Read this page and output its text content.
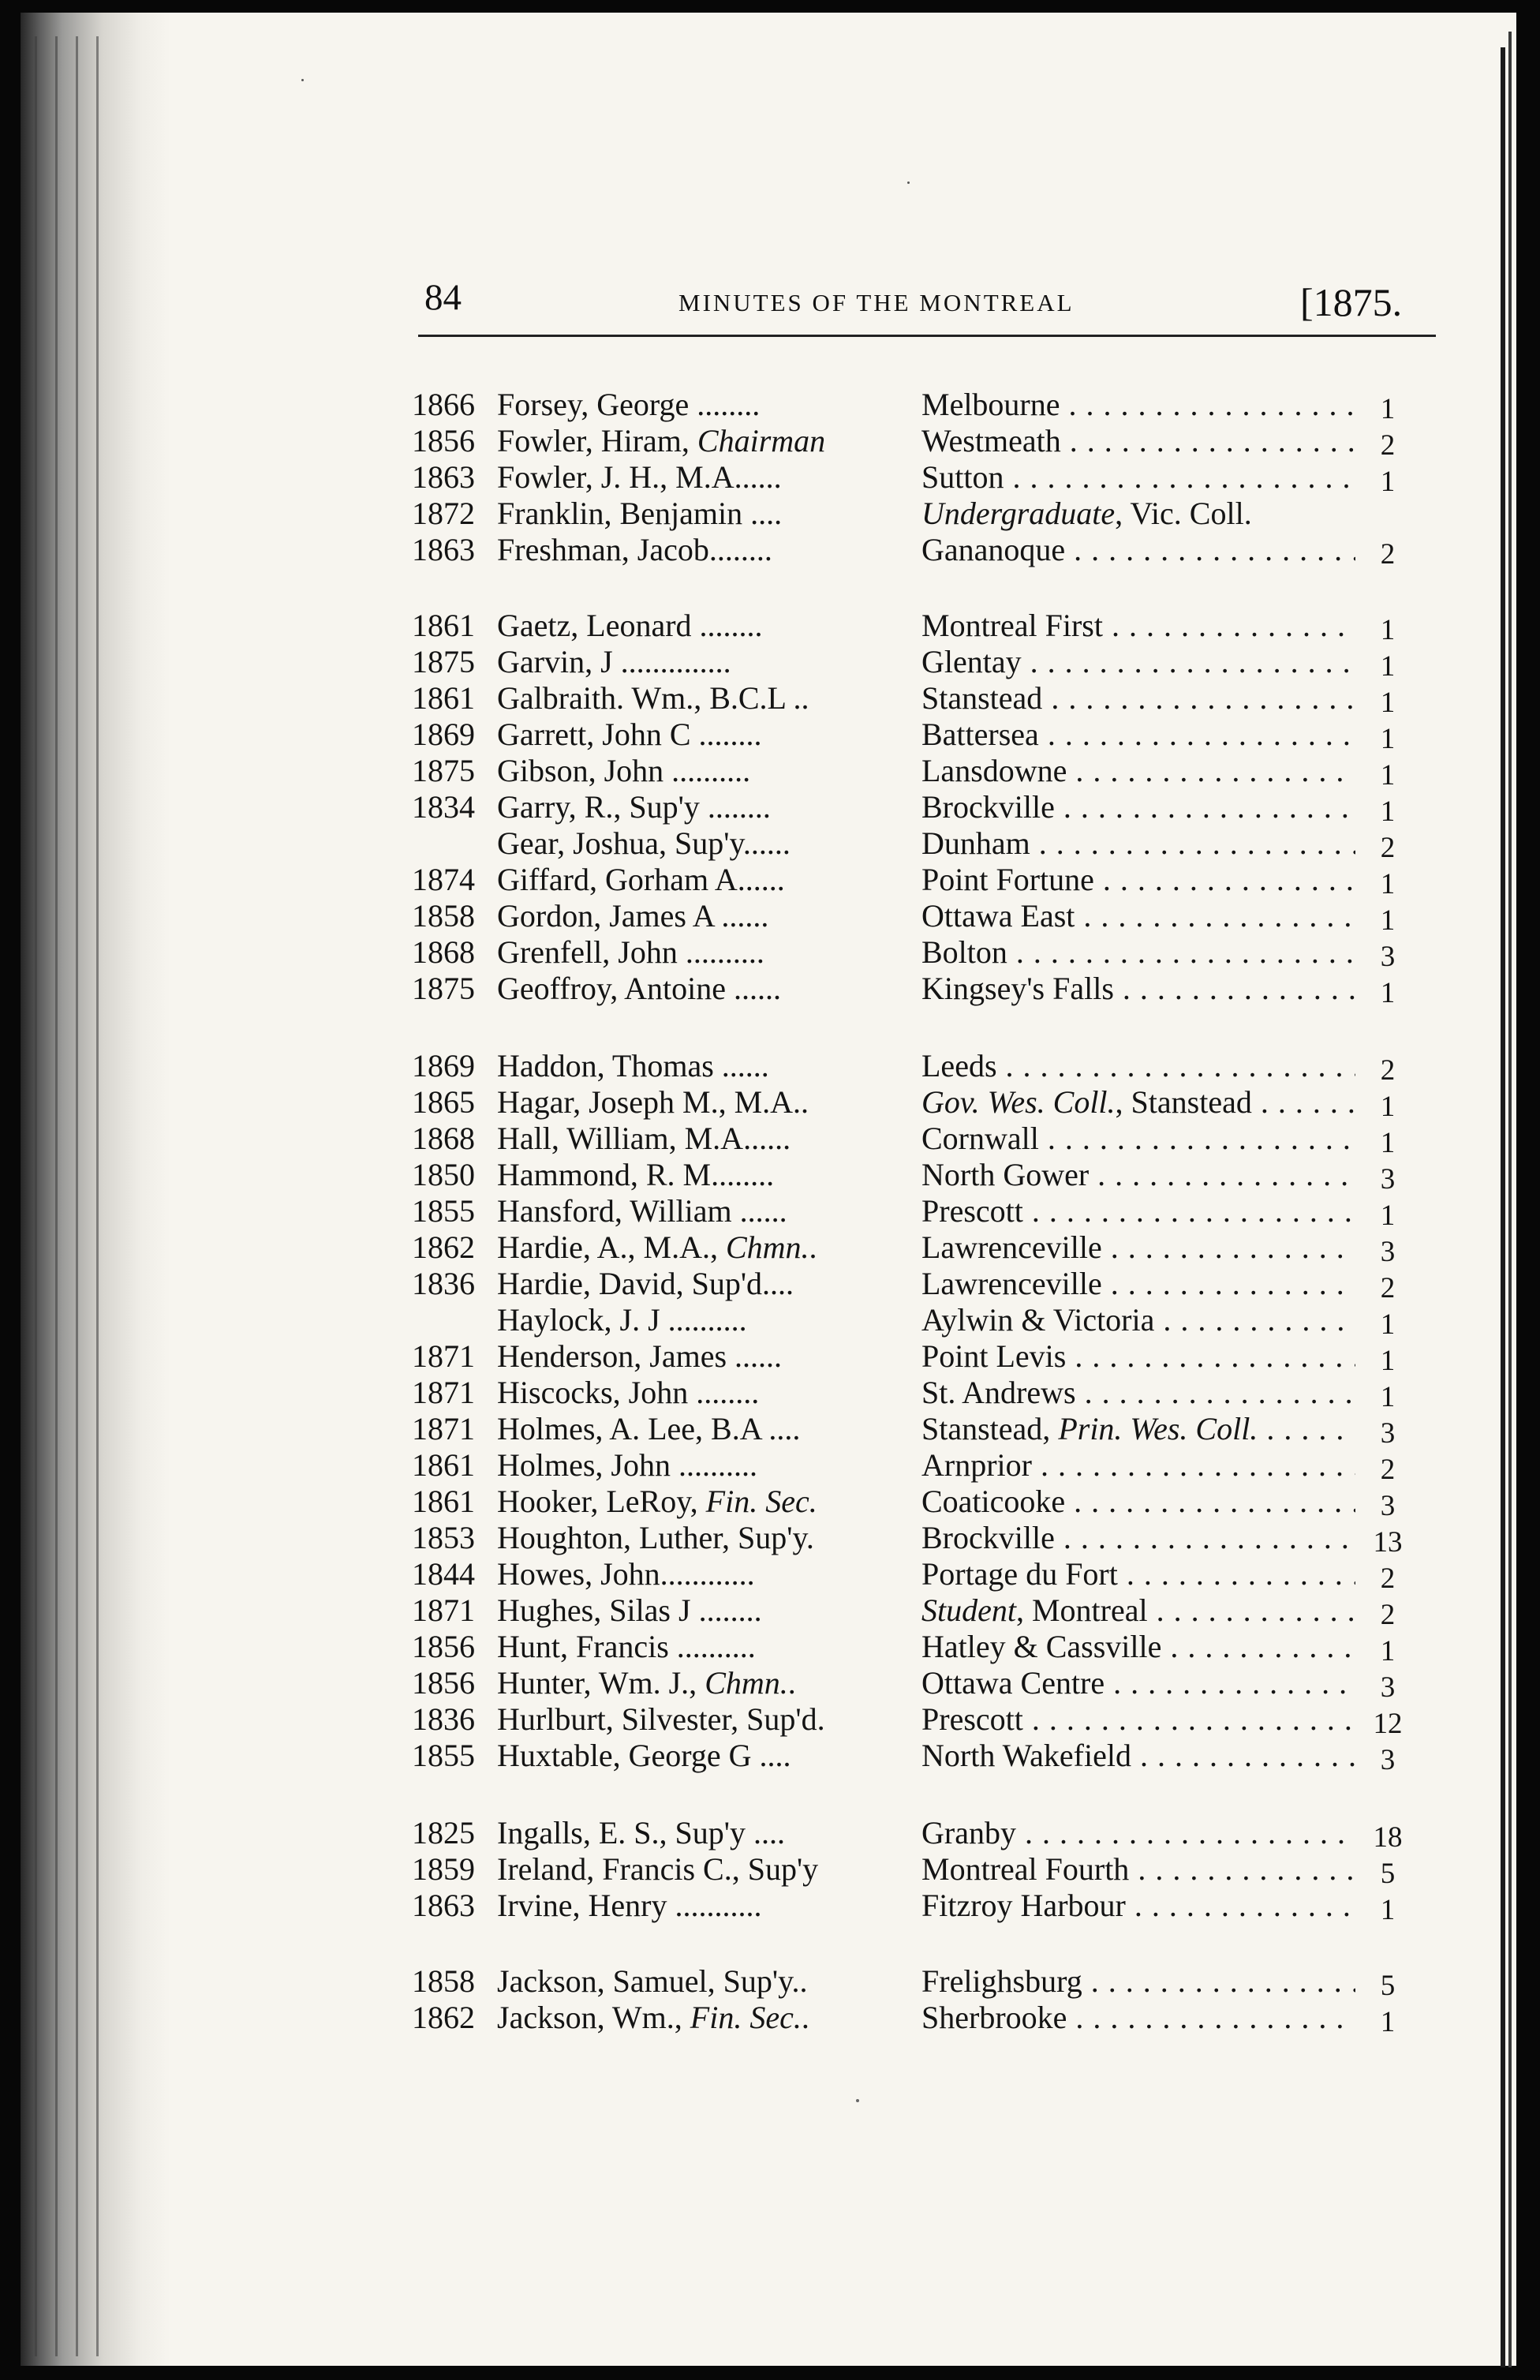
84	MINUTES OF THE MONTREAL	[1875.
1866 Forsey, George ........	Melbourne . . .	1
1856 Fowler, Hiram, Chairman	Westmeath . . .	2
1863 Fowler, J. H., M.A......	Sutton . . .	1
1872 Franklin, Benjamin ....	Undergraduate, Vic. Coll.
1863 Freshman, Jacob........	Gananoque . . .	2
1861 Gaetz, Leonard ........	Montreal First . . .	1
1875 Garvin, J ..............	Glentay . . .	1
1861 Galbraith. Wm., B.C.L ..	Stanstead . . .	1
1869 Garrett, John C ........	Battersea . . .	1
1875 Gibson, John ..........	Lansdowne . . .	1
1834 Garry, R., Sup'y ........	Brockville . . .	1
Gear, Joshua, Sup'y......	Dunham . . .	2
1874 Giffard, Gorham A......	Point Fortune . . .	1
1858 Gordon, James A ......	Ottawa East . . .	1
1868 Grenfell, John ..........	Bolton . . .	3
1875 Geoffroy, Antoine ......	Kingsey's Falls . . .	1
1869 Haddon, Thomas ......	Leeds . . .	2
1865 Hagar, Joseph M., M.A..	Gov. Wes. Coll., Stanstead . . .	1
1868 Hall, William, M.A......	Cornwall . . .	1
1850 Hammond, R. M........	North Gower . . .	3
1855 Hansford, William ......	Prescott . . .	1
1862 Hardie, A., M.A., Chmn..	Lawrenceville . . .	3
1836 Hardie, David, Sup'd....	Lawrenceville . . .	2
Haylock, J. J ..........	Aylwin & Victoria . . .	1
1871 Henderson, James ......	Point Levis . . .	1
1871 Hiscocks, John ........	St. Andrews . . .	1
1871 Holmes, A. Lee, B.A ....	Stanstead, Prin. Wes. Coll. . . .	3
1861 Holmes, John ..........	Arnprior . . .	2
1861 Hooker, LeRoy, Fin. Sec.	Coaticooke . . .	3
1853 Houghton, Luther, Sup'y.	Brockville . . .	13
1844 Howes, John............	Portage du Fort . . .	2
1871 Hughes, Silas J ........	Student, Montreal . . .	2
1856 Hunt, Francis ..........	Hatley & Cassville . . .	1
1856 Hunter, Wm. J., Chmn..	Ottawa Centre . . .	3
1836 Hurlburt, Silvester, Sup'd.	Prescott . . .	12
1855 Huxtable, George G ....	North Wakefield . . .	3
1825 Ingalls, E. S., Sup'y ....	Granby . . .	18
1859 Ireland, Francis C., Sup'y	Montreal Fourth . . .	5
1863 Irvine, Henry ...........	Fitzroy Harbour . . .	1
1858 Jackson, Samuel, Sup'y..	Frelighsburg . . .	5
1862 Jackson, Wm., Fin. Sec..	Sherbrooke . . .	1
